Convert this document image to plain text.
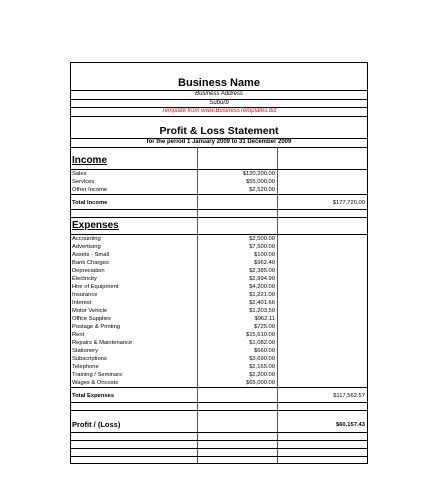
Business Name
Business Address
Suburb
Template from www.BusinessTemplates.biz
Profit & Loss Statement
for the period 1 January 2009 to 31 December 2009
Income
Sales	$120,200.00
Services	$55,000.00
Other Income	$2,520.00
Total Income	$177,720.00
Expenses
Accounting	$2,500.00
Advertising	$7,500.00
Assets - Small	$100.00
Bank Charges	$962.40
Depreciation	$2,385.00
Electricity	$2,994.90
Hire of Equipment	$4,200.00
Insurance	$1,221.00
Interest	$2,401.66
Motor Vehicle	$1,203.50
Office Supplies	$962.11
Postage & Printing	$725.00
Rent	$15,610.00
Repairs & Maintenance	$1,082.00
Stationery	$660.00
Subscriptions	$3,690.00
Telephone	$2,165.00
Training / Seminars	$2,200.00
Wages & Oncosts	$65,000.00
Total Expenses	$117,562.57
Profit / (Loss)	$60,157.43
